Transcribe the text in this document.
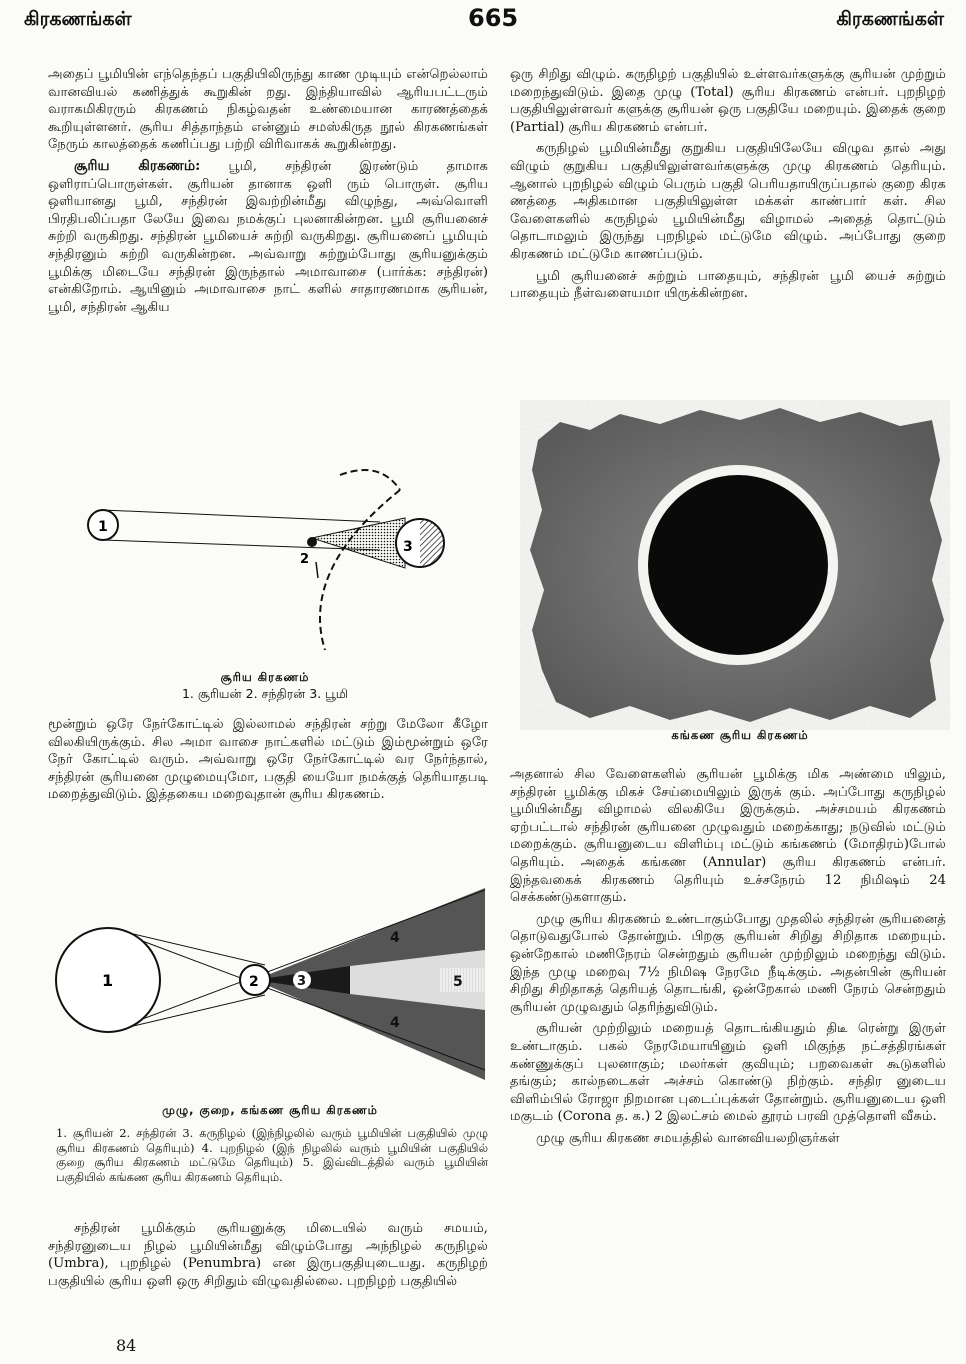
கிரகணங்கள்	665	கிரகணங்கள்

அதைப் பூமியின் எந்தெந்தப் பகுதியிலிருந்து காண முடியும் என்றெல்லாம் வானவியல் கணித்துக் கூறுகின் றது. இந்தியாவில் ஆரியபட்டரும் வராகமிகிரரும் கிரகணம் நிகழ்வதன் உண்மையான காரணத்தைக் கூறியுள்ளனர். சூரிய சித்தாந்தம் என்னும் சமஸ்கிருத நூல் கிரகணங்கள் நேரும் காலத்தைக் கணிப்பது பற்றி விரிவாகக் கூறுகின்றது.

சூரிய கிரகணம்: பூமி, சந்திரன் இரண்டும் தாமாக ஒளிராப்பொருள்கள். சூரியன் தானாக ஒளி ரும் பொருள். சூரிய ஒளியானது பூமி, சந்திரன் இவற்றின்மீது விழுந்து, அவ்வொளி பிரதிபலிப்பதா லேயே இவை நமக்குப் புலனாகின்றன. பூமி சூரியனைச் சுற்றி வருகிறது. சந்திரன் பூமியைச் சுற்றி வருகிறது. சூரியனைப் பூமியும் சந்திரனும் சுற்றி வருகின்றன. அவ்வாறு சுற்றும்போது சூரியனுக்கும் பூமிக்கு மிடையே சந்திரன் இருந்தால் அமாவாசை (பார்க்க: சந்திரன்) என்கிறோம். ஆயினும் அமாவாசை நாட் களில் சாதாரணமாக சூரியன், பூமி, சந்திரன் ஆகிய

1
2
3
சூரிய கிரகணம்
1. சூரியன் 2. சந்திரன் 3. பூமி

மூன்றும் ஒரே நேர்கோட்டில் இல்லாமல் சந்திரன் சற்று மேலோ கீழோ விலகியிருக்கும். சில அமா வாசை நாட்களில் மட்டும் இம்மூன்றும் ஒரே நேர் கோட்டில் வரும். அவ்வாறு ஒரே நேர்கோட்டில் வர நேர்ந்தால், சந்திரன் சூரியனை முழுமையுமோ, பகுதி யையோ நமக்குத் தெரியாதபடி மறைத்துவிடும். இத்தகைய மறைவுதான் சூரிய கிரகணம்.

1	2	3
4
4
5
முழு, குறை, கங்கண சூரிய கிரகணம்
1. சூரியன் 2. சந்திரன் 3. கருநிழல் (இந்நிழலில் வரும் பூமியின் பகுதியில் முழு சூரிய கிரகணம் தெரியும்) 4. புறநிழல் (இந் நிழலில் வரும் பூமியின் பகுதியில் குறை சூரிய கிரகணம் மட்டுமே தெரியும்) 5. இவ்விடத்தில் வரும் பூமியின் பகுதியில் கங்கண சூரிய கிரகணம் தெரியும்.

சந்திரன் பூமிக்கும் சூரியனுக்கு மிடையில் வரும் சமயம், சந்திரனுடைய நிழல் பூமியின்மீது விழும்போது அந்நிழல் கருநிழல் (Umbra), புறநிழல் (Penumbra) என இருபகுதியுடையது. கருநிழற் பகுதியில் சூரிய ஒளி ஒரு சிறிதும் விழுவதில்லை. புறநிழற் பகுதியில்

ஒரு சிறிது விழும். கருநிழற் பகுதியில் உள்ளவர்களுக்கு சூரியன் முற்றும் மறைந்துவிடும். இதை முழு (Total) சூரிய கிரகணம் என்பர். புறநிழற் பகுதியிலுள்ளவர் களுக்கு சூரியன் ஒரு பகுதியே மறையும். இதைக் குறை (Partial) சூரிய கிரகணம் என்பர்.

கருநிழல் பூமியின்மீது குறுகிய பகுதியிலேயே விழுவ தால் அது விழும் குறுகிய பகுதியிலுள்ளவர்களுக்கு முழு கிரகணம் தெரியும். ஆனால் புறநிழல் விழும் பெரும் பகுதி பெரியதாயிருப்பதால் குறை கிரக ணத்தை அதிகமான பகுதியிலுள்ள மக்கள் காண்பார் கள். சில வேளைகளில் கருநிழல் பூமியின்மீது விழாமல் அதைத் தொட்டும் தொடாமலும் இருந்து புறநிழல் மட்டுமே விழும். அப்போது குறை கிரகணம் மட்டுமே காணப்படும்.

பூமி சூரியனைச் சுற்றும் பாதையும், சந்திரன் பூமி யைச் சுற்றும் பாதையும் நீள்வளையமா யிருக்கின்றன.

கங்கண சூரிய கிரகணம்

அதனால் சில வேளைகளில் சூரியன் பூமிக்கு மிக அண்மை யிலும், சந்திரன் பூமிக்கு மிகச் சேய்மையிலும் இருக் கும். அப்போது கருநிழல் பூமியின்மீது விழாமல் விலகியே இருக்கும். அச்சமயம் கிரகணம் ஏற்பட்டால் சந்திரன் சூரியனை முழுவதும் மறைக்காது; நடுவில் மட்டும் மறைக்கும். சூரியனுடைய விளிம்பு மட்டும் கங்கணம் (மோதிரம்)போல் தெரியும். அதைக் கங்கண (Annular) சூரிய கிரகணம் என்பர். இந்தவகைக் கிரகணம் தெரியும் உச்சநேரம் 12 நிமிஷம் 24 செக்கண்டுகளாகும்.

முழு சூரிய கிரகணம் உண்டாகும்போது முதலில் சந்திரன் சூரியனைத் தொடுவதுபோல் தோன்றும். பிறகு சூரியன் சிறிது சிறிதாக மறையும். ஒன்றேகால் மணிநேரம் சென்றதும் சூரியன் முற்றிலும் மறைந்து விடும். இந்த முழு மறைவு 7½ நிமிஷ நேரமே நீடிக்கும். அதன்பின் சூரியன் சிறிது சிறிதாகத் தெரியத் தொடங்கி, ஒன்றேகால் மணி நேரம் சென்றதும் சூரியன் முழுவதும் தெரிந்துவிடும்.

சூரியன் முற்றிலும் மறையத் தொடங்கியதும் திடீ ரென்று இருள் உண்டாகும். பகல் நேரமேயாயினும் ஒளி மிகுந்த நட்சத்திரங்கள் கண்ணுக்குப் புலனாகும்; மலர்கள் குவியும்; பறவைகள் கூடுகளில் தங்கும்; கால்நடைகள் அச்சம் கொண்டு நிற்கும். சந்திர னுடைய விளிம்பில் ரோஜா நிறமான புடைப்புக்கள் தோன்றும். சூரியனுடைய ஒளி மகுடம் (Corona த. க.) 2 இலட்சம் மைல் தூரம் பரவி முத்தொளி வீசும்.

முழு சூரிய கிரகண சமயத்தில் வானவியலறிஞர்கள்

84
